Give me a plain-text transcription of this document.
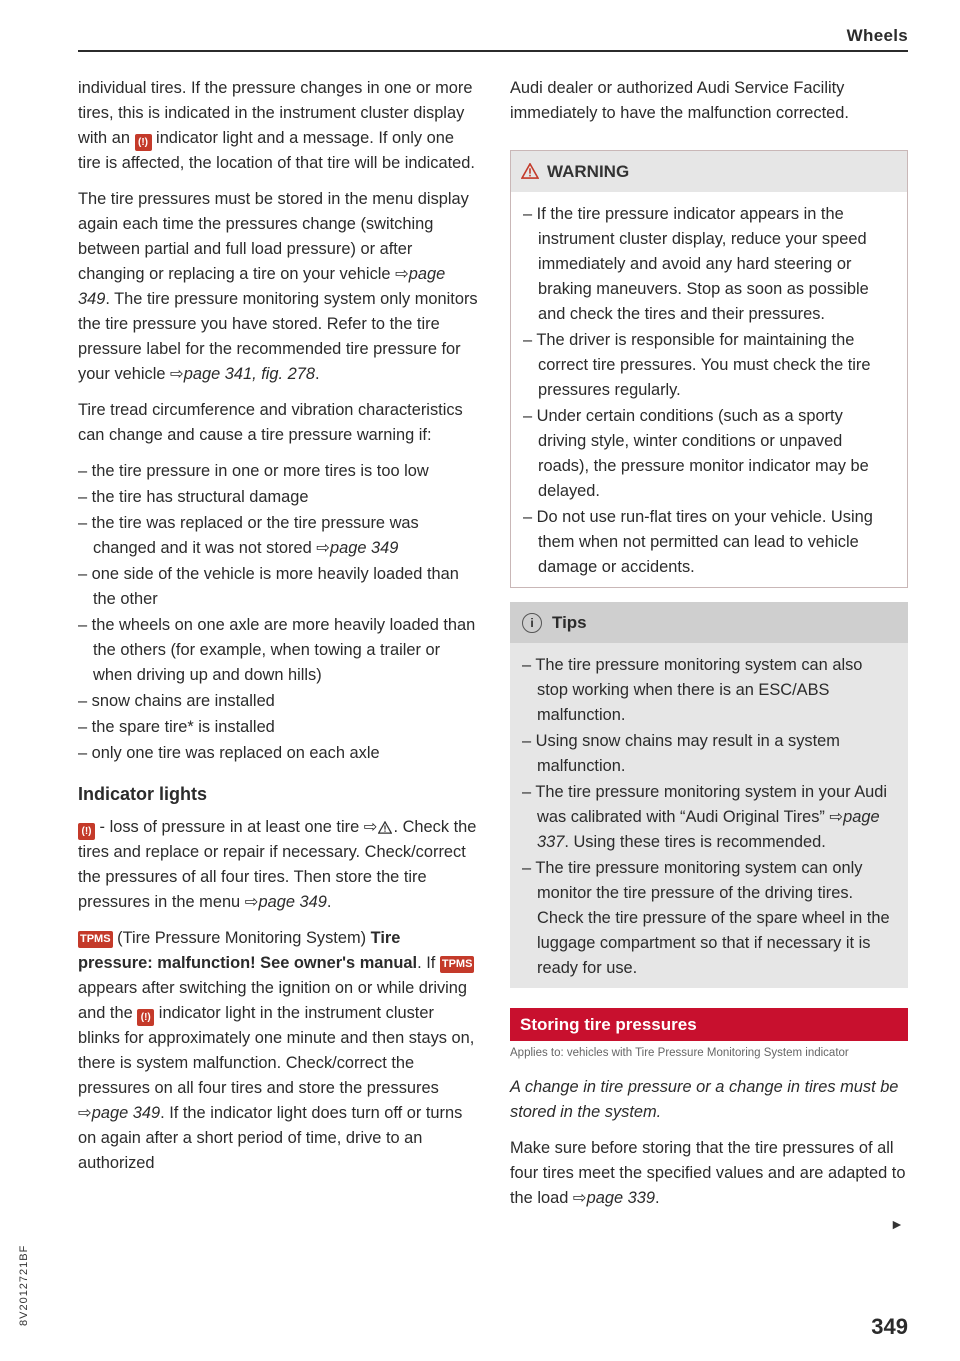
Wheels

individual tires. If the pressure changes in one or more tires, this is indicated in the instrument cluster display with an (!) indicator light and a message. If only one tire is affected, the location of that tire will be indicated.

The tire pressures must be stored in the menu display again each time the pressures change (switching between partial and full load pressure) or after changing or replacing a tire on your vehicle ⇨page 349. The tire pressure monitoring system only monitors the tire pressure you have stored. Refer to the tire pressure label for the recommended tire pressure for your vehicle ⇨page 341, fig. 278.

Tire tread circumference and vibration characteristics can change and cause a tire pressure warning if:

– the tire pressure in one or more tires is too low
– the tire has structural damage
– the tire was replaced or the tire pressure was changed and it was not stored ⇨page 349
– one side of the vehicle is more heavily loaded than the other
– the wheels on one axle are more heavily loaded than the others (for example, when towing a trailer or when driving up and down hills)
– snow chains are installed
– the spare tire* is installed
– only one tire was replaced on each axle
Indicator lights

(!) - loss of pressure in at least one tire ⇨ . Check the tires and replace or repair if necessary. Check/correct the pressures of all four tires. Then store the tire pressures in the menu ⇨page 349.

TPMS (Tire Pressure Monitoring System) Tire pressure: malfunction! See owner's manual. If TPMS appears after switching the ignition on or while driving and the (!) indicator light in the instrument cluster blinks for approximately one minute and then stays on, there is system malfunction. Check/correct the pressures on all four tires and store the pressures ⇨page 349. If the indicator light does turn off or turns on again after a short period of time, drive to an authorized

Audi dealer or authorized Audi Service Facility immediately to have the malfunction corrected.

WARNING
– If the tire pressure indicator appears in the instrument cluster display, reduce your speed immediately and avoid any hard steering or braking maneuvers. Stop as soon as possible and check the tires and their pressures.
– The driver is responsible for maintaining the correct tire pressures. You must check the tire pressures regularly.
– Under certain conditions (such as a sporty driving style, winter conditions or unpaved roads), the pressure monitor indicator may be delayed.
– Do not use run-flat tires on your vehicle. Using them when not permitted can lead to vehicle damage or accidents.
i Tips
– The tire pressure monitoring system can also stop working when there is an ESC/ABS malfunction.
– Using snow chains may result in a system malfunction.
– The tire pressure monitoring system in your Audi was calibrated with “Audi Original Tires” ⇨page 337. Using these tires is recommended.
– The tire pressure monitoring system can only monitor the tire pressure of the driving tires. Check the tire pressure of the spare wheel in the luggage compartment so that if necessary it is ready for use.
Storing tire pressures
Applies to: vehicles with Tire Pressure Monitoring System indicator

A change in tire pressure or a change in tires must be stored in the system.

Make sure before storing that the tire pressures of all four tires meet the specified values and are adapted to the load ⇨page 339.

►
349
8V2012721BF
